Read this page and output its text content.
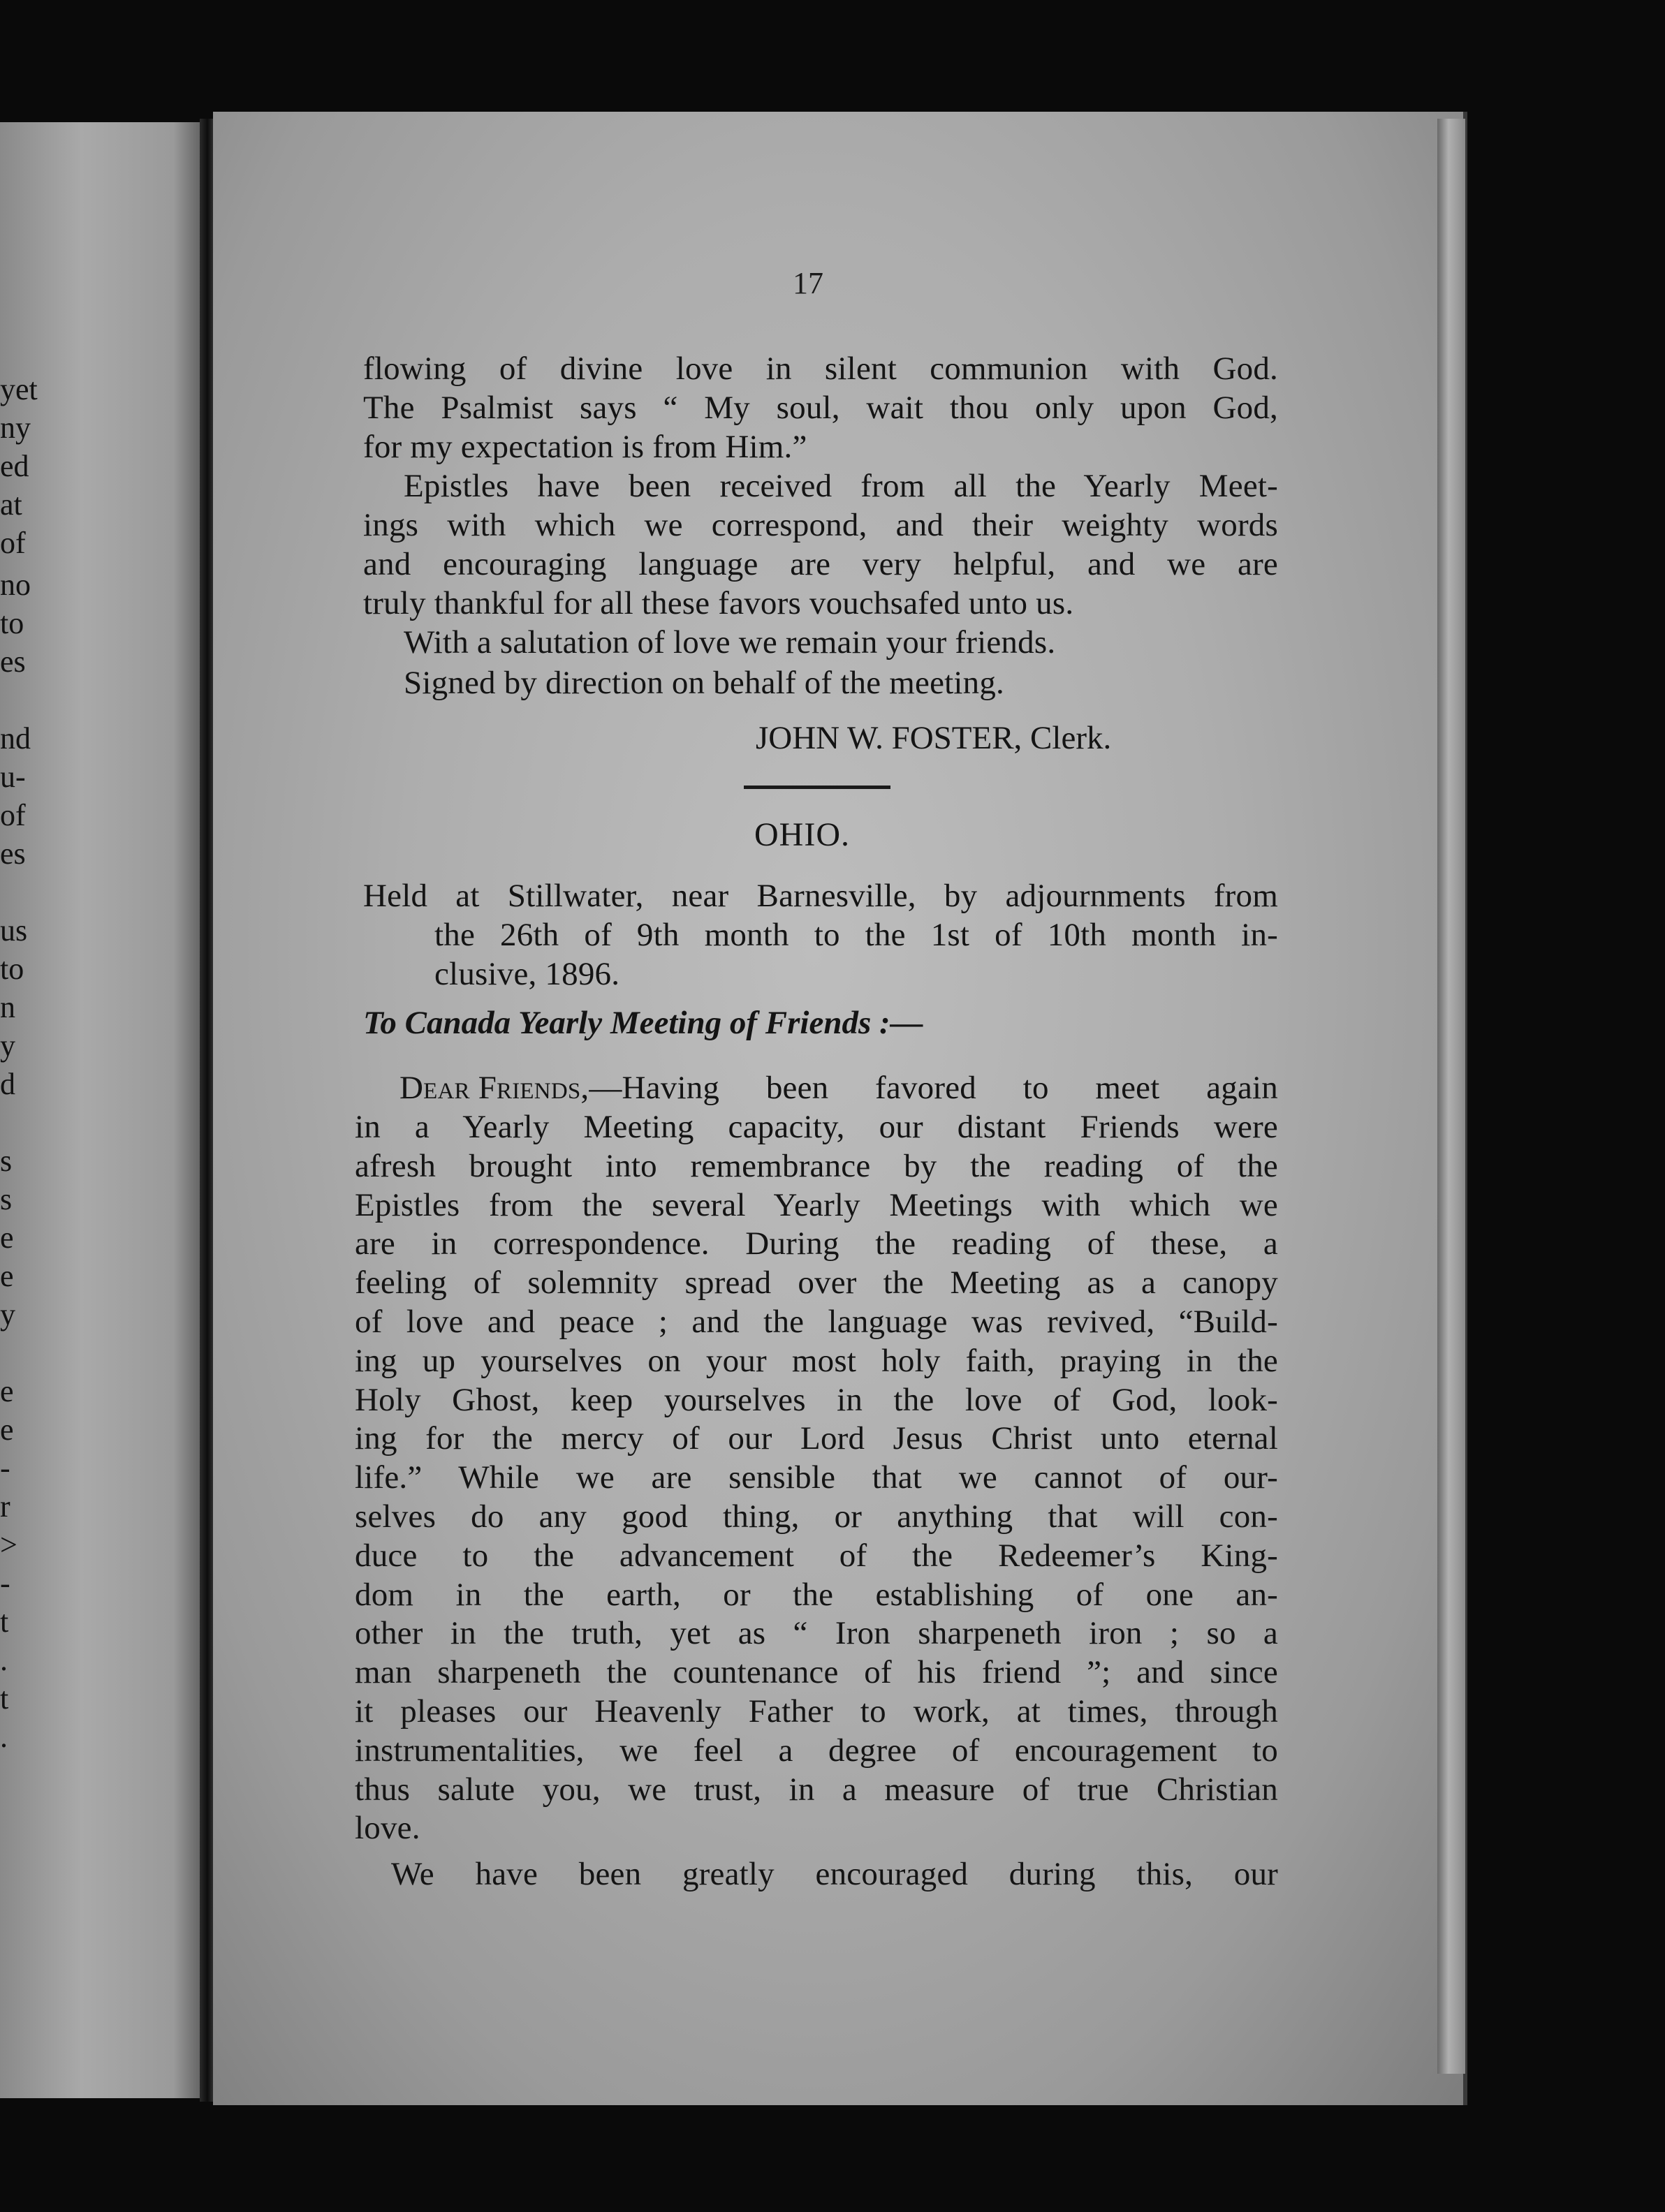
17
flowing of divine love in silent communion with God.
The Psalmist says “ My soul, wait thou only upon God,
for my expectation is from Him.”
Epistles have been received from all the Yearly Meet-
ings with which we correspond, and their weighty words
and encouraging language are very helpful, and we are
truly thankful for all these favors vouchsafed unto us.
With a salutation of love we remain your friends.
Signed by direction on behalf of the meeting.
JOHN W. FOSTER, Clerk.
OHIO.
Held at Stillwater, near Barnesville, by adjournments from
the 26th of 9th month to the 1st of 10th month in-
clusive, 1896.
To Canada Yearly Meeting of Friends :—
Dear Friends, —Having been favored to meet again
in a Yearly Meeting capacity, our distant Friends were
afresh brought into remembrance by the reading of the
Epistles from the several Yearly Meetings with which we
are in correspondence. During the reading of these, a
feeling of solemnity spread over the Meeting as a canopy
of love and peace ; and the language was revived, “Build-
ing up yourselves on your most holy faith, praying in the
Holy Ghost, keep yourselves in the love of God, look-
ing for the mercy of our Lord Jesus Christ unto eternal
life.” While we are sensible that we cannot of our-
selves do any good thing, or anything that will con-
duce to the advancement of the Redeemer’s King-
dom in the earth, or the establishing of one an-
other in the truth, yet as “ Iron sharpeneth iron ; so a
man sharpeneth the countenance of his friend ”; and since
it pleases our Heavenly Father to work, at times, through
instrumentalities, we feel a degree of encouragement to
thus salute you, we trust, in a measure of true Christian
love.
We have been greatly encouraged during this, our
yet
ny
ed
at
of
no
to
es
nd
u-
of
es
us
to
n
y
d
s
s
e
e
y
e
e
-
r
>
-
t
.
t
.
